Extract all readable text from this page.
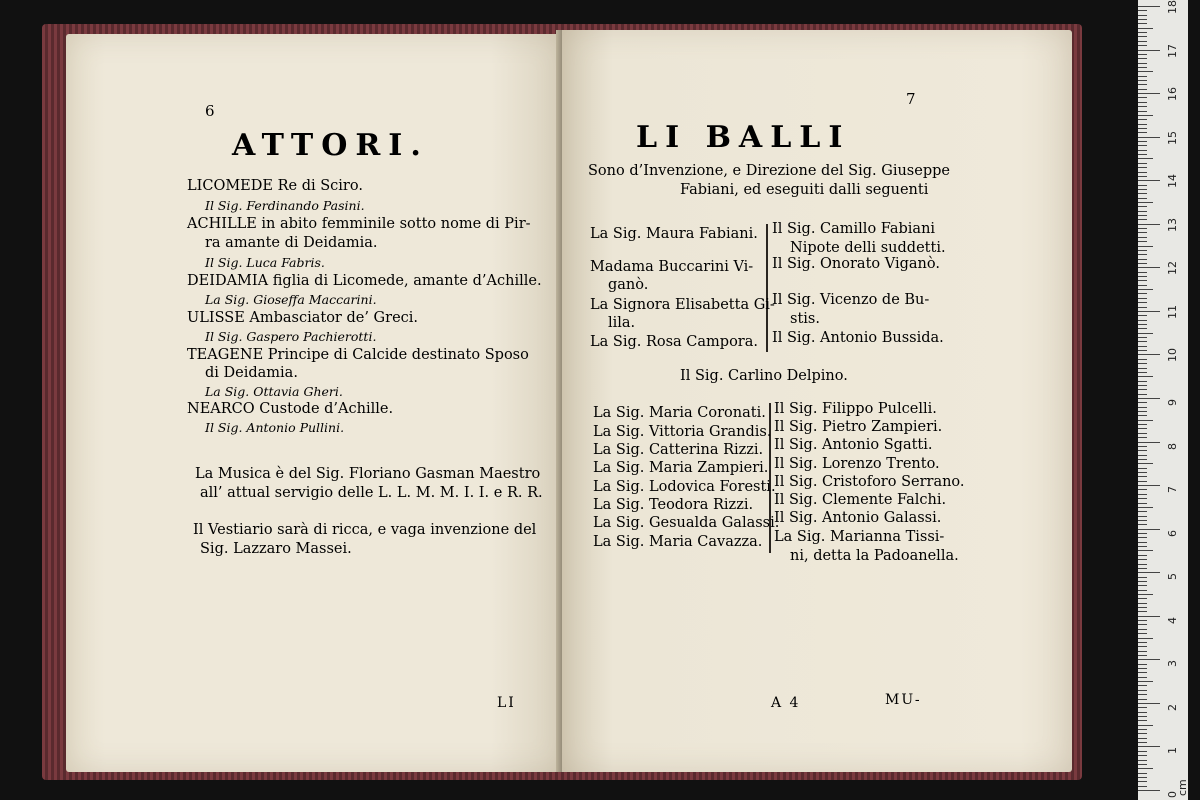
6
ATTORI.
LICOMEDE Re di Sciro.
Il Sig. Ferdinando Pasini.
ACHILLE in abito femminile sotto nome di Pir-
ra amante di Deidamia.
Il Sig. Luca Fabris.
DEIDAMIA figlia di Licomede, amante d’Achille.
La Sig. Gioseffa Maccarini.
ULISSE Ambasciator de’ Greci.
Il Sig. Gaspero Pachierotti.
TEAGENE Principe di Calcide destinato Sposo
di Deidamia.
La Sig. Ottavia Gheri.
NEARCO Custode d’Achille.
Il Sig. Antonio Pullini.
La Musica è del Sig. Floriano Gasman Maestro
all’ attual servigio delle L. L. M. M. I. I. e R. R.
Il Vestiario sarà di ricca, e vaga invenzione del
Sig. Lazzaro Massei.
LI
7
LI BALLI
Sono d’Invenzione, e Direzione del Sig. Giuseppe
Fabiani, ed eseguiti dalli seguenti
La Sig. Maura Fabiani. Il Sig. Camillo Fabiani
Nipote delli suddetti.
Madama Buccarini Vi-
ganò.
Il Sig. Onorato Viganò.
La Signora Elisabetta Gi-
lila.
Il Sig. Vicenzo de Bu-
stis.
La Sig. Rosa Campora. Il Sig. Antonio Bussida.
Il Sig. Carlino Delpino.
La Sig. Maria Coronati. Il Sig. Filippo Pulcelli.
La Sig. Vittoria Grandis. Il Sig. Pietro Zampieri.
La Sig. Catterina Rizzi. Il Sig. Antonio Sgatti.
La Sig. Maria Zampieri. Il Sig. Lorenzo Trento.
La Sig. Lodovica Foresti.
Il Sig. Cristoforo Serrano.
La Sig. Teodora Rizzi. Il Sig. Clemente Falchi.
La Sig. Gesualda Galassi.
Il Sig. Antonio Galassi.
La Sig. Maria Cavazza. La Sig. Marianna Tissi-
ni, detta la Padoanella.
A 4	MU-
18
17
16
15
14
13
12
11
10
9
8
7
6
5
4
3
2
1
0
cm
